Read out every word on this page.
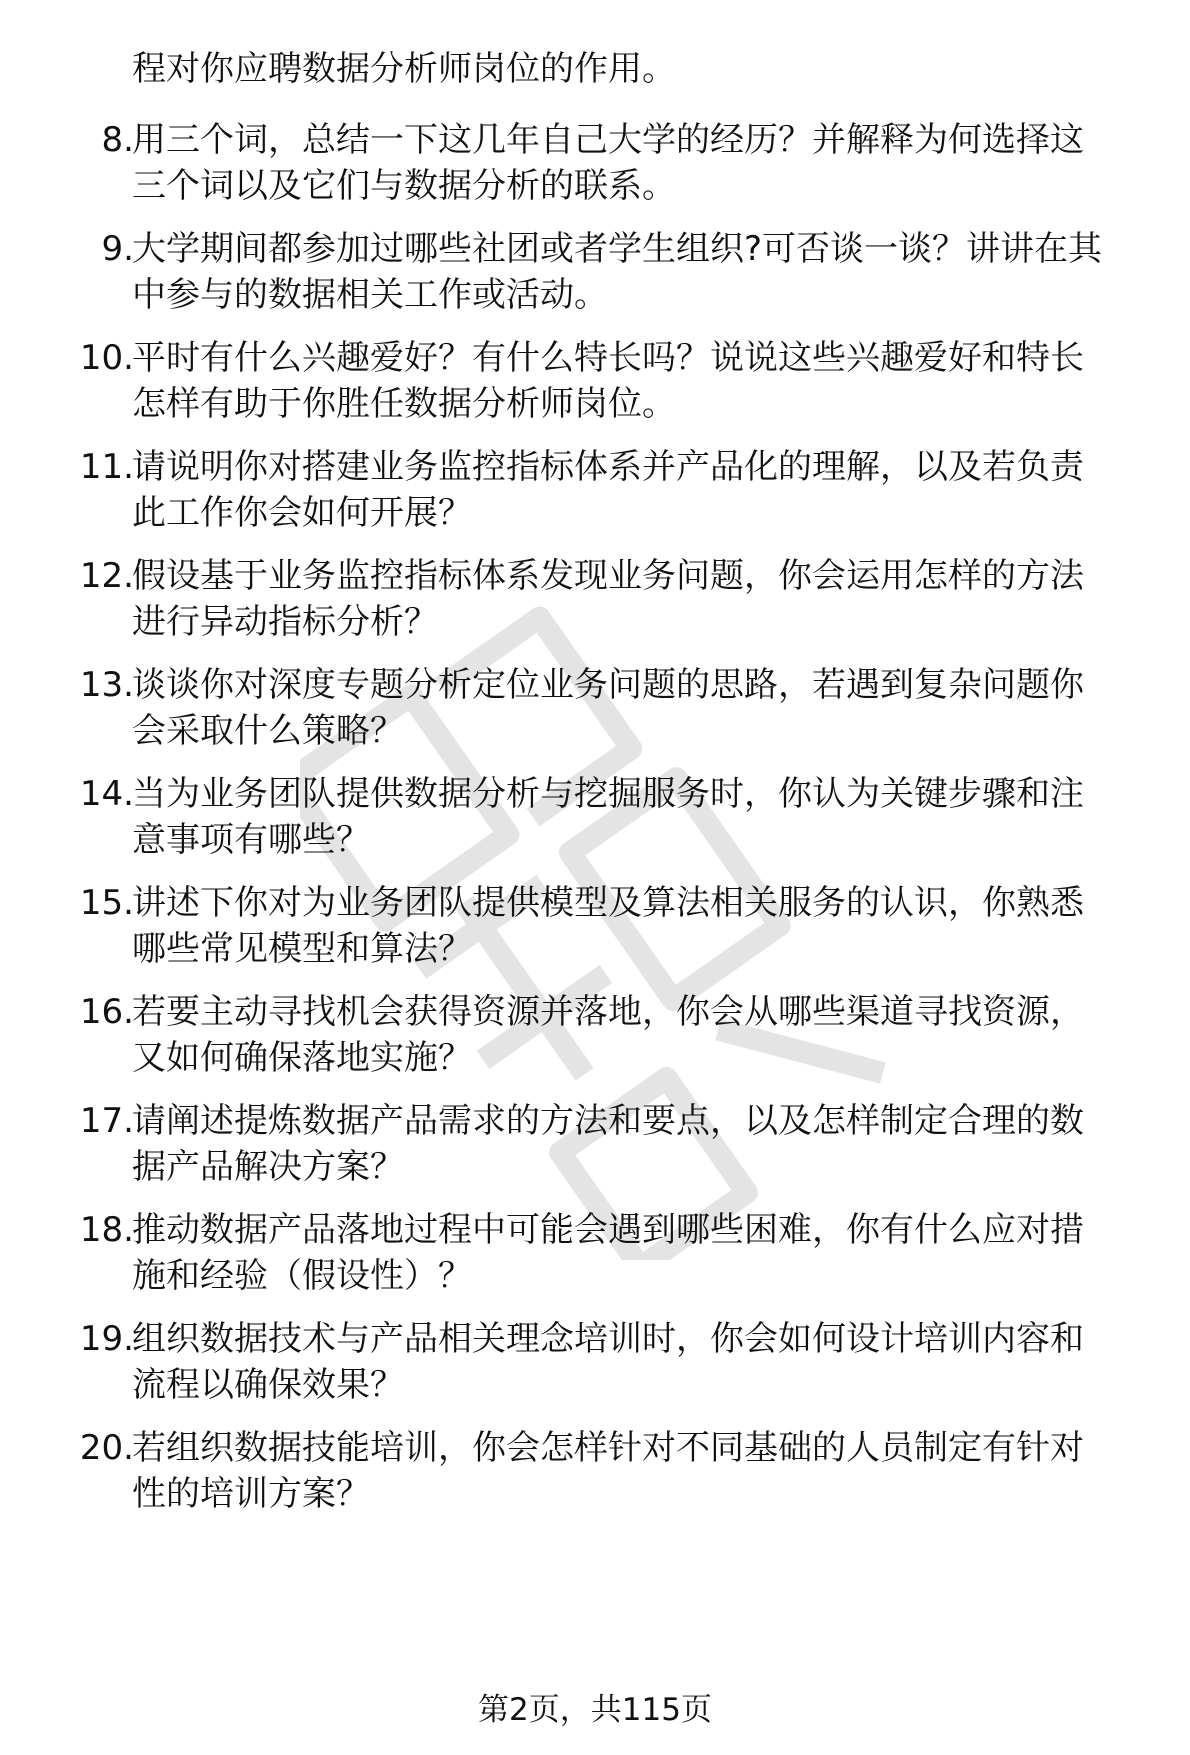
程对你应聘数据分析师岗位的作用。
8.
用三个词，总结一下这几年自己大学的经历？并解释为何选择这
三个词以及它们与数据分析的联系。
9.
大学期间都参加过哪些社团或者学生组织?可否谈一谈？讲讲在其
中参与的数据相关工作或活动。
10.
平时有什么兴趣爱好？有什么特长吗？说说这些兴趣爱好和特长
怎样有助于你胜任数据分析师岗位。
11.
请说明你对搭建业务监控指标体系并产品化的理解，以及若负责
此工作你会如何开展？
12.
假设基于业务监控指标体系发现业务问题，你会运用怎样的方法
进行异动指标分析？
13.
谈谈你对深度专题分析定位业务问题的思路，若遇到复杂问题你
会采取什么策略？
14.
当为业务团队提供数据分析与挖掘服务时，你认为关键步骤和注
意事项有哪些？
15.
讲述下你对为业务团队提供模型及算法相关服务的认识，你熟悉
哪些常见模型和算法？
16.
若要主动寻找机会获得资源并落地，你会从哪些渠道寻找资源，
又如何确保落地实施？
17.
请阐述提炼数据产品需求的方法和要点，以及怎样制定合理的数
据产品解决方案？
18.
推动数据产品落地过程中可能会遇到哪些困难，你有什么应对措
施和经验（假设性）？
19.
组织数据技术与产品相关理念培训时，你会如何设计培训内容和
流程以确保效果？
20.
若组织数据技能培训，你会怎样针对不同基础的人员制定有针对
性的培训方案？
第2页，共115页
